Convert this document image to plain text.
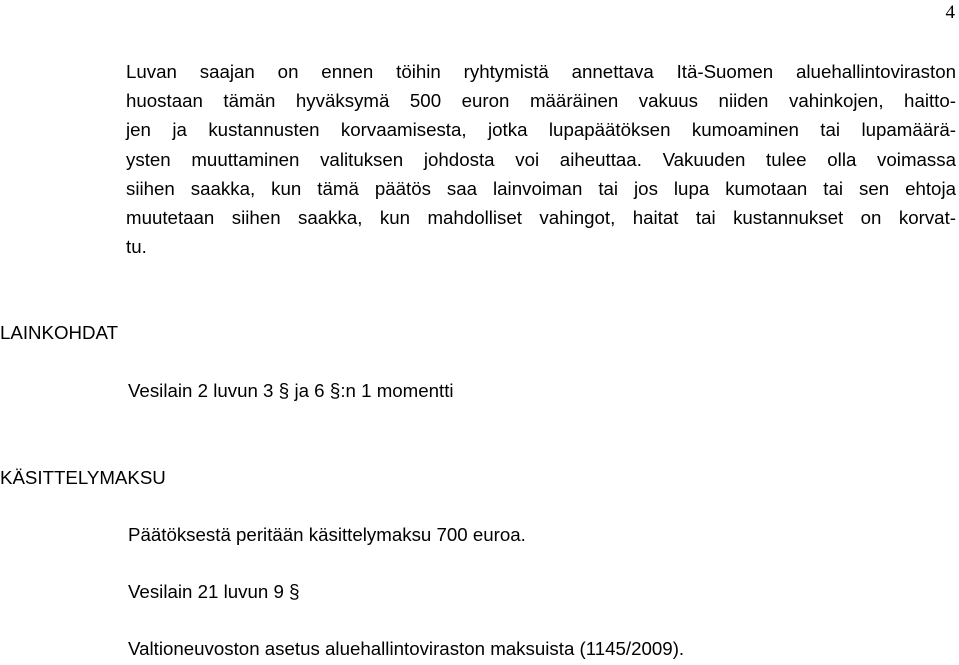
4

Luvan saajan on ennen töihin ryhtymistä annettava Itä-Suomen aluehallintoviraston
huostaan tämän hyväksymä 500 euron määräinen vakuus niiden vahinkojen, haitto-
jen ja kustannusten korvaamisesta, jotka lupapäätöksen kumoaminen tai lupamäärä-
ysten muuttaminen valituksen johdosta voi aiheuttaa. Vakuuden tulee olla voimassa
siihen saakka, kun tämä päätös saa lainvoiman tai jos lupa kumotaan tai sen ehtoja
muutetaan siihen saakka, kun mahdolliset vahingot, haitat tai kustannukset on korvat-
tu.

LAINKOHDAT

Vesilain 2 luvun 3 § ja 6 §:n 1 momentti

KÄSITTELYMAKSU

Päätöksestä peritään käsittelymaksu 700 euroa.

Vesilain 21 luvun 9 §

Valtioneuvoston asetus aluehallintoviraston maksuista (1145/2009).
